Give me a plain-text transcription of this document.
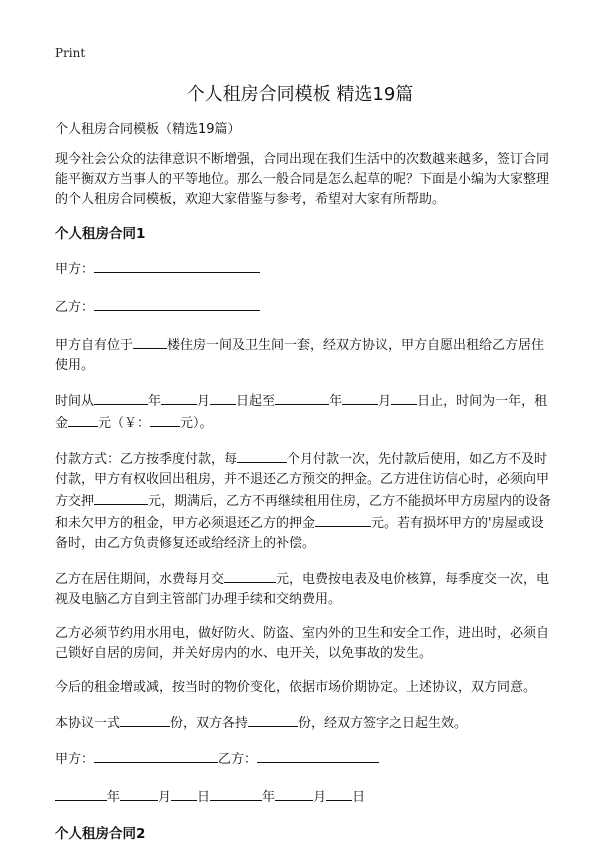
Print
个人租房合同模板 精选19篇

个人租房合同模板（精选19篇）

现今社会公众的法律意识不断增强，合同出现在我们生活中的次数越来越多，签订合同能平衡双方当事人的平等地位。那么一般合同是怎么起草的呢？下面是小编为大家整理的个人租房合同模板，欢迎大家借鉴与参考，希望对大家有所帮助。

个人租房合同1

甲方：

乙方：

甲方自有位于	楼住房一间及卫生间一套，经双方协议，甲方自愿出租给乙方居住使用。

时间从	年	月 日起至	年	月 日止，时间为一年，租金 元（￥： 元）。

付款方式：乙方按季度付款，每	个月付款一次，先付款后使用，如乙方不及时付款，甲方有权收回出租房，并不退还乙方预交的押金。乙方进住访信心时，必须向甲方交押	元，期满后，乙方不再继续租用住房，乙方不能损坏甲方房屋内的设备和未欠甲方的租金，甲方必须退还乙方的押金	元。若有损坏甲方的'房屋或设备时，由乙方负责修复还或给经济上的补偿。

乙方在居住期间，水费每月交	元，电费按电表及电价核算，每季度交一次，电视及电脑乙方自到主管部门办理手续和交纳费用。

乙方必须节约用水用电，做好防火、防盗、室内外的卫生和安全工作，进出时，必须自己锁好自居的房间，并关好房内的水、电开关，以免事故的发生。

今后的租金增或减，按当时的物价变化，依据市场价期协定。上述协议，双方同意。

本协议一式	份，双方各持	份，经双方签字之日起生效。

甲方：	乙方：

年	月 日	年	月 日

个人租房合同2
